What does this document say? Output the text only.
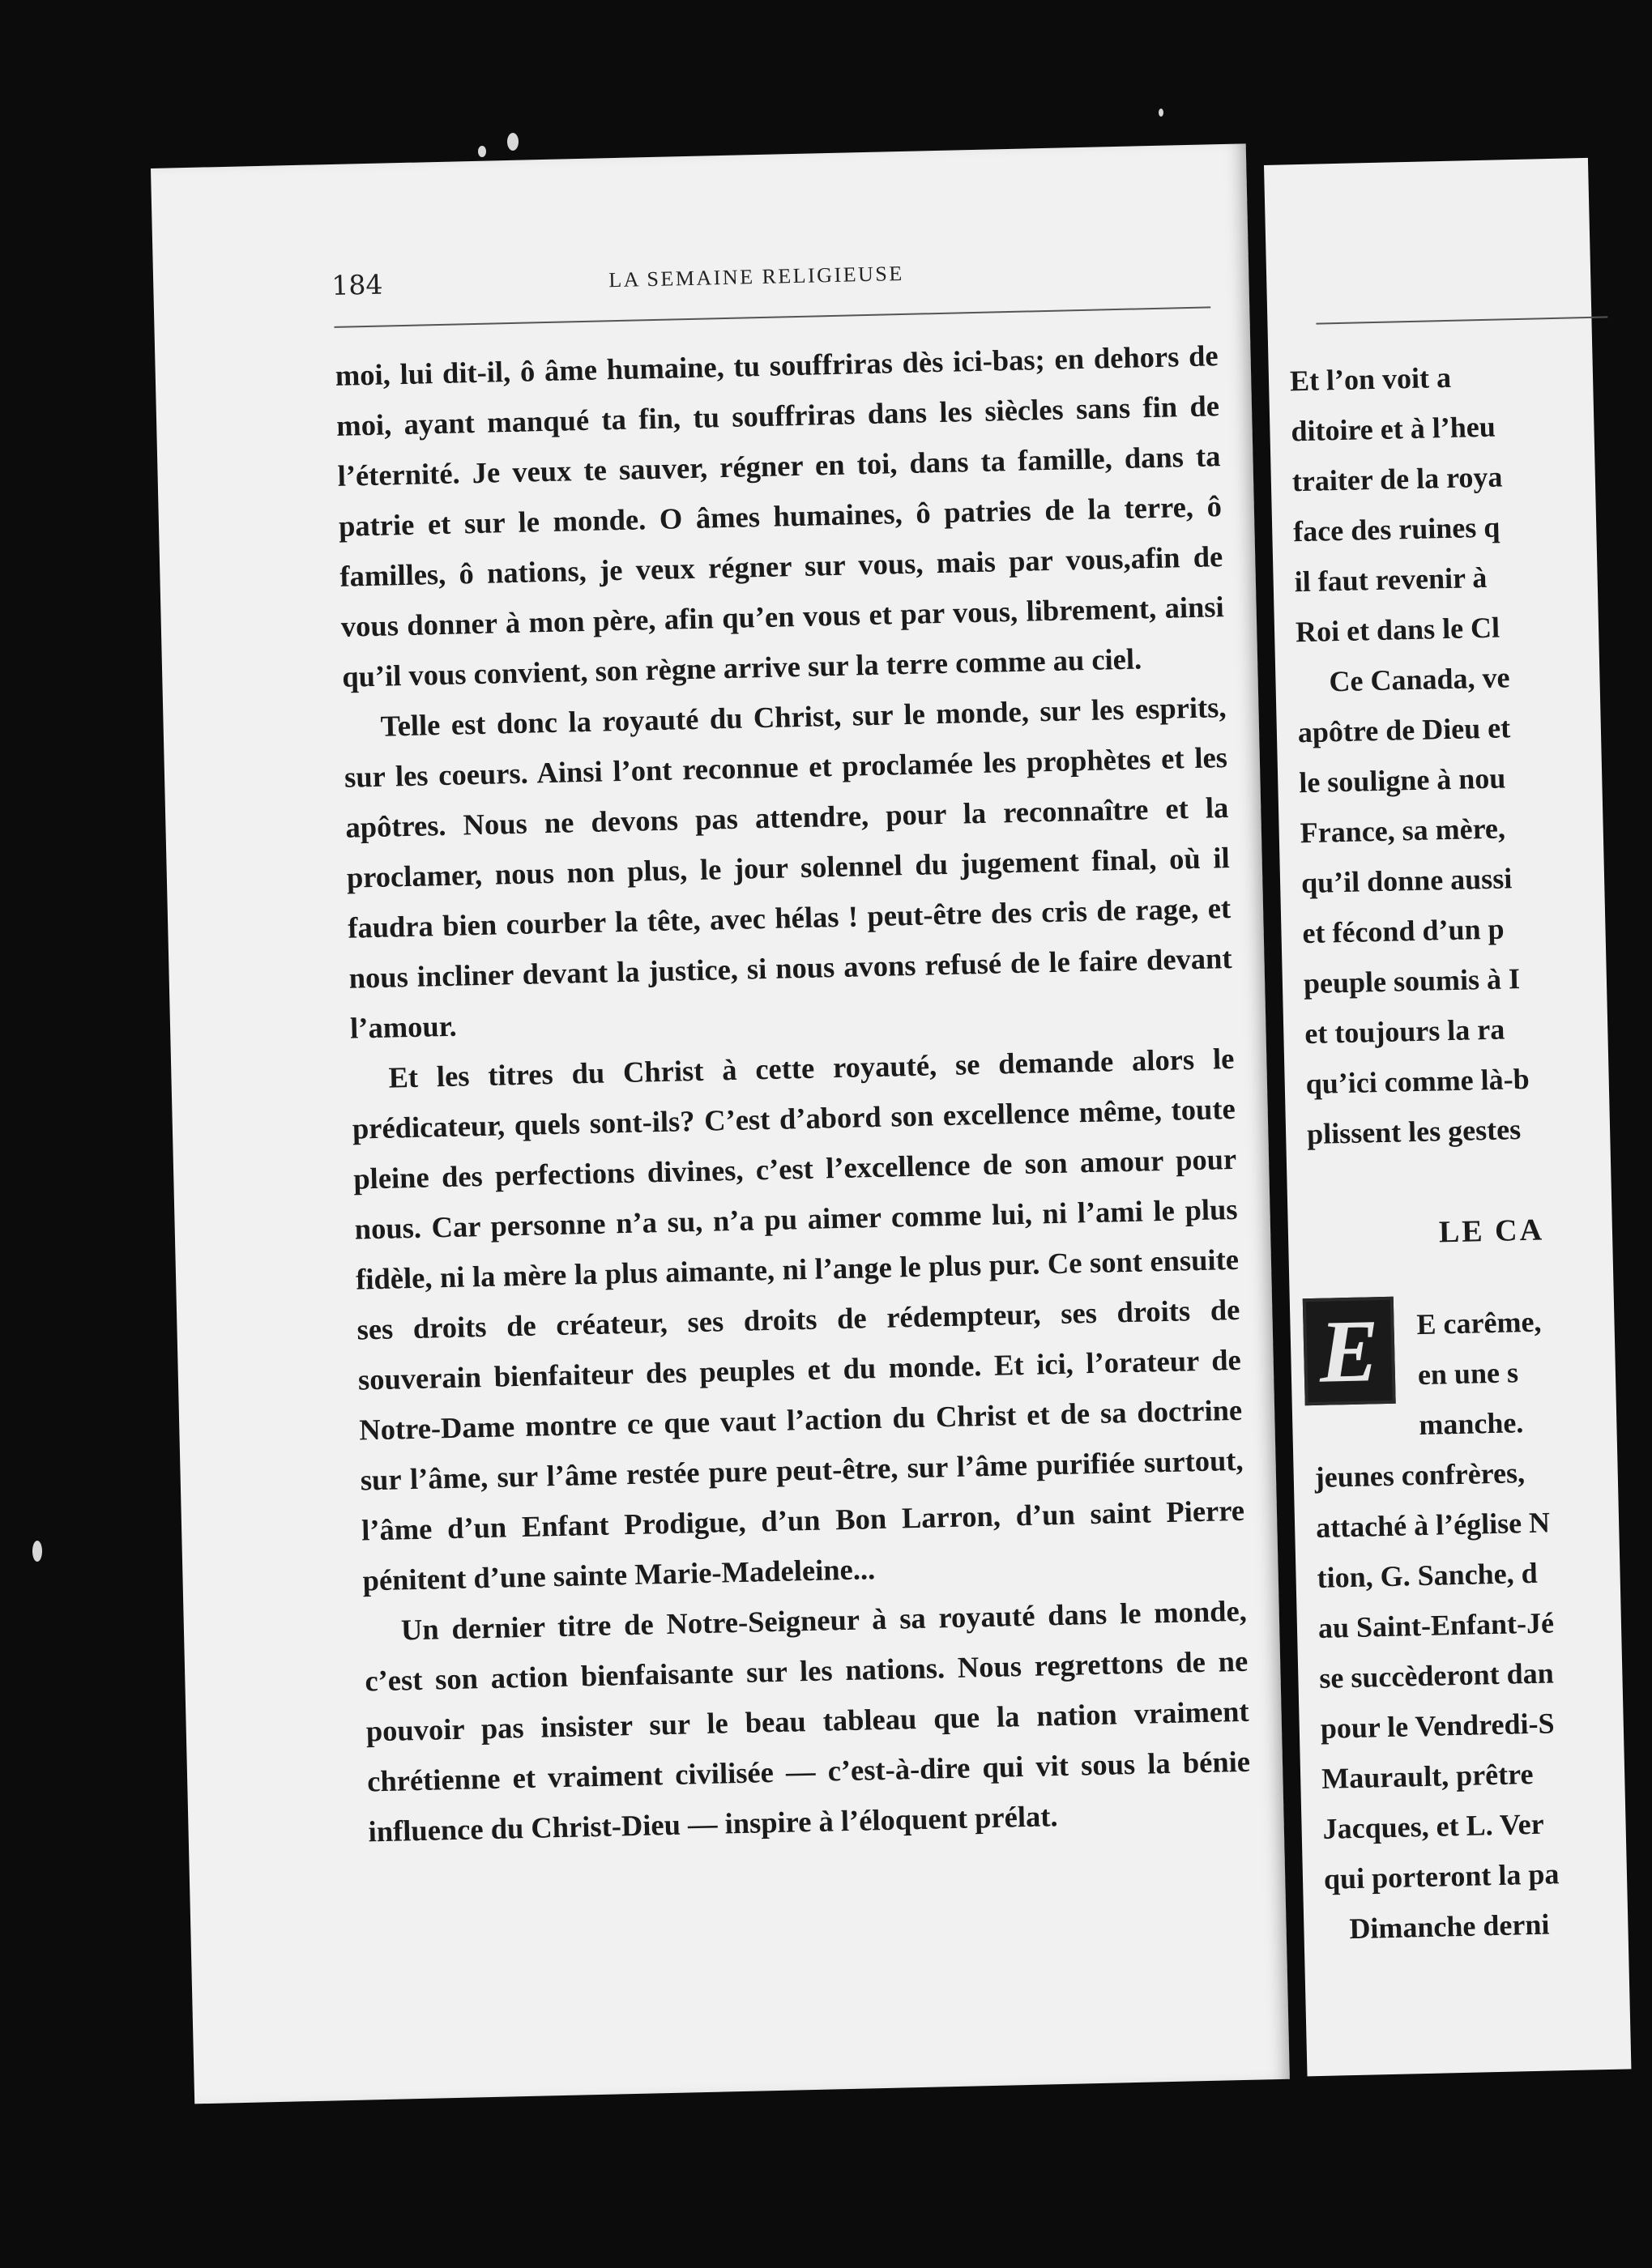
184	LA SEMAINE RELIGIEUSE

moi, lui dit-il, ô âme humaine, tu souffriras dès ici-bas; en dehors de moi, ayant manqué ta fin, tu souffriras dans les siècles sans fin de l’éternité. Je veux te sauver, régner en toi, dans ta famille, dans ta patrie et sur le monde. O âmes humaines, ô patries de la terre, ô familles, ô nations, je veux régner sur vous, mais par vous,afin de vous donner à mon père, afin qu’en vous et par vous, librement, ainsi qu’il vous convient, son règne arrive sur la terre comme au ciel.

Telle est donc la royauté du Christ, sur le monde, sur les esprits, sur les coeurs. Ainsi l’ont reconnue et proclamée les prophètes et les apôtres. Nous ne devons pas attendre, pour la reconnaître et la proclamer, nous non plus, le jour solennel du jugement final, où il faudra bien courber la tête, avec hélas ! peut-être des cris de rage, et nous incliner devant la justice, si nous avons refusé de le faire devant l’amour.

Et les titres du Christ à cette royauté, se demande alors le prédicateur, quels sont-ils? C’est d’abord son excellence même, toute pleine des perfections divines, c’est l’excellence de son amour pour nous. Car personne n’a su, n’a pu aimer comme lui, ni l’ami le plus fidèle, ni la mère la plus aimante, ni l’ange le plus pur. Ce sont ensuite ses droits de créateur, ses droits de rédempteur, ses droits de souverain bienfaiteur des peuples et du monde. Et ici, l’orateur de Notre-Dame montre ce que vaut l’action du Christ et de sa doctrine sur l’âme, sur l’âme restée pure peut-être, sur l’âme purifiée surtout, l’âme d’un Enfant Prodigue, d’un Bon Larron, d’un saint Pierre pénitent d’une sainte Marie-Madeleine...

Un dernier titre de Notre-Seigneur à sa royauté dans le monde, c’est son action bienfaisante sur les nations. Nous regrettons de ne pouvoir pas insister sur le beau tableau que la nation vraiment chrétienne et vraiment civilisée — c’est-à-dire qui vit sous la bénie influence du Christ-Dieu — inspire à l’éloquent prélat.

Et l’on voit a
ditoire et à l’heu
traiter de la roya
face des ruines q
il faut revenir à
Roi et dans le Cl
Ce Canada, ve
apôtre de Dieu et
le souligne à nou
France, sa mère,
qu’il donne aussi
et fécond d’un p
peuple soumis à I
et toujours la ra
qu’ici comme là-b
plissent les gestes
LE CA
E	E carême,
en une s
manche.
jeunes confrères,
attaché à l’église N
tion, G. Sanche, d
au Saint-Enfant-Jé
se succèderont dan
pour le Vendredi-S
Maurault, prêtre
Jacques, et L. Ver
qui porteront la pa
Dimanche derni
